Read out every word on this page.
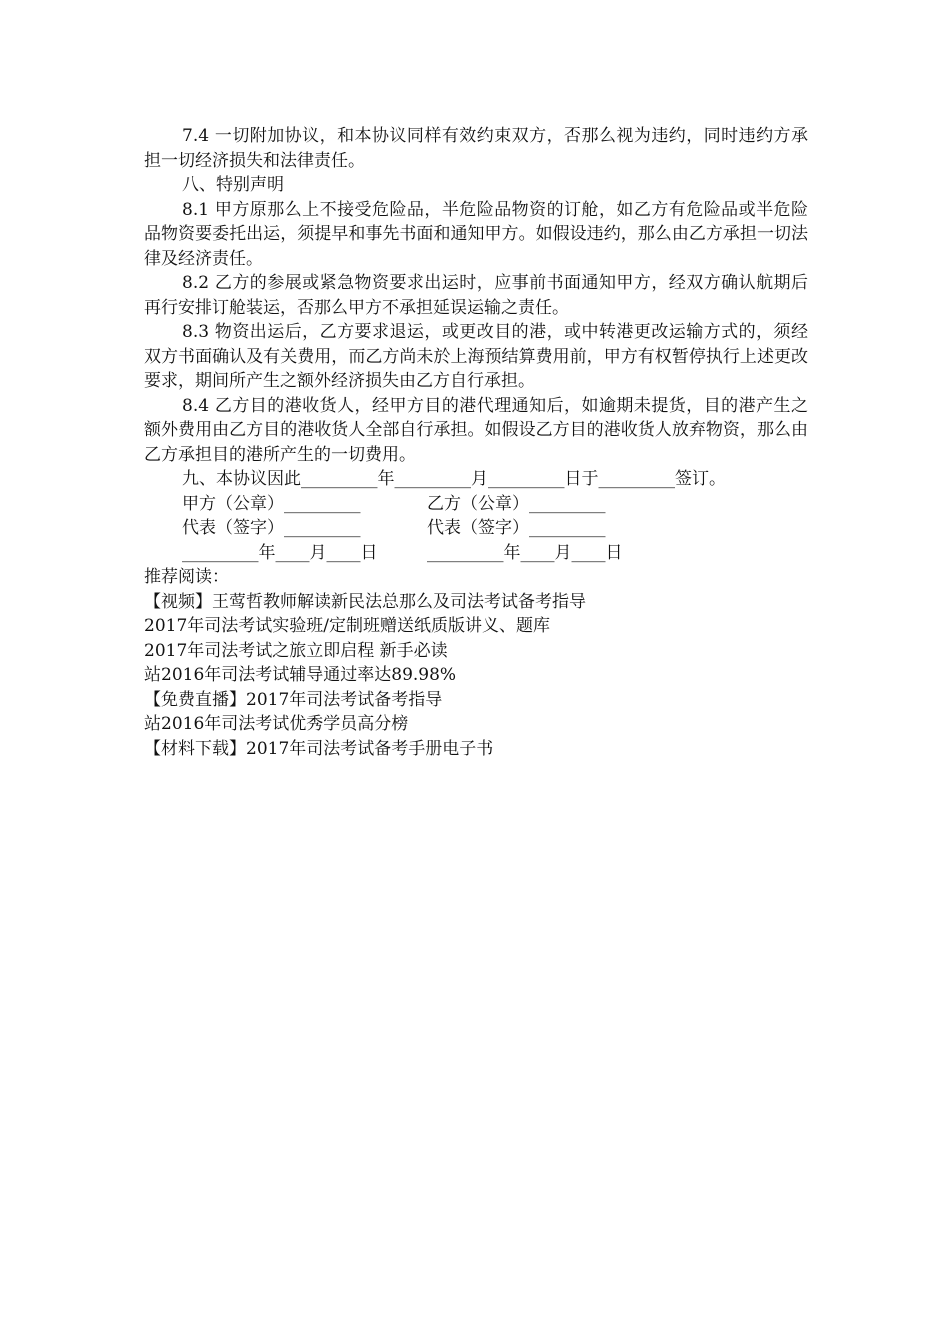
7.4 一切附加协议，和本协议同样有效约束双方，否那么视为违约，同时违约方承担一切经济损失和法律责任。

八、特别声明

8.1 甲方原那么上不接受危险品，半危险品物资的订舱，如乙方有危险品或半危险品物资要委托出运，须提早和事先书面和通知甲方。如假设违约，那么由乙方承担一切法律及经济责任。

8.2 乙方的参展或紧急物资要求出运时，应事前书面通知甲方，经双方确认航期后再行安排订舱装运，否那么甲方不承担延误运输之责任。

8.3 物资出运后，乙方要求退运，或更改目的港，或中转港更改运输方式的，须经双方书面确认及有关费用，而乙方尚未於上海预结算费用前，甲方有权暂停执行上述更改要求，期间所产生之额外经济损失由乙方自行承担。

8.4 乙方目的港收货人，经甲方目的港代理通知后，如逾期未提货，目的港产生之额外费用由乙方目的港收货人全部自行承担。如假设乙方目的港收货人放弃物资，那么由乙方承担目的港所产生的一切费用。

九、本协议因此_________年_________月_________日于_________签订。

甲方（公章）_________	乙方（公章）_________
代表（签字）_________	代表（签字）_________
_________年____月____日	_________年____月____日

推荐阅读：

【视频】王莺哲教师解读新民法总那么及司法考试备考指导
2017年司法考试实验班/定制班赠送纸质版讲义、题库
2017年司法考试之旅立即启程 新手必读
站2016年司法考试辅导通过率达89.98%
【免费直播】2017年司法考试备考指导
站2016年司法考试优秀学员高分榜
【材料下载】2017年司法考试备考手册电子书
